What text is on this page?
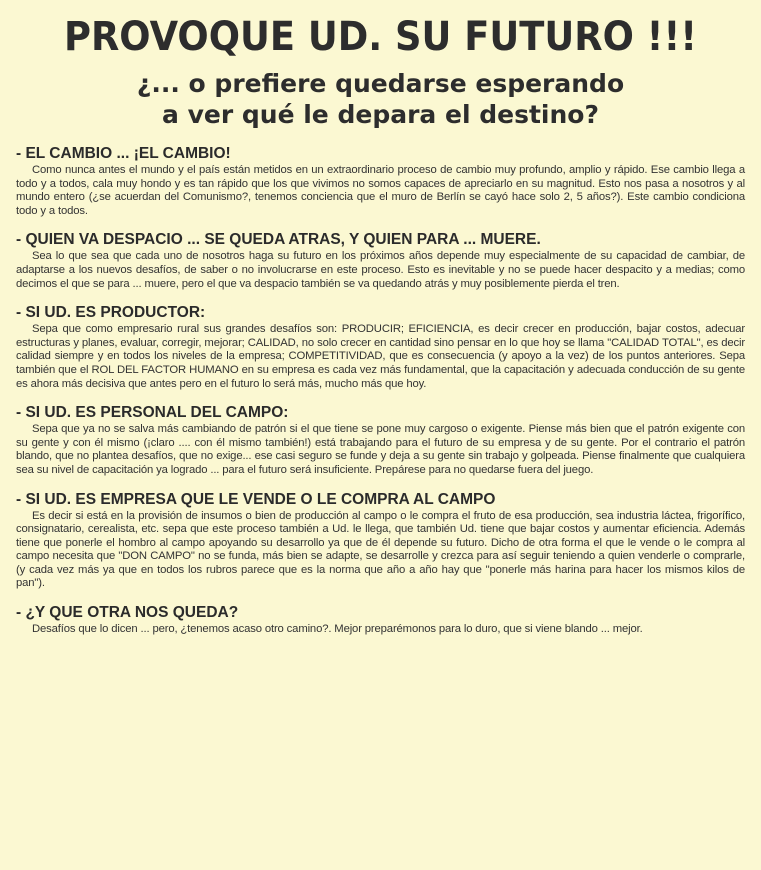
PROVOQUE UD. SU FUTURO !!!
¿... o prefiere quedarse esperando
a ver qué le depara el destino?
- EL CAMBIO ... ¡EL CAMBIO!

Como nunca antes el mundo y el país están metidos en un extraordinario proceso de cambio muy profundo, amplio y rápido. Ese cambio llega a todo y a todos, cala muy hondo y es tan rápido que los que vivimos no somos capaces de apreciarlo en su magnitud. Esto nos pasa a nosotros y al mundo entero (¿se acuerdan del Comunismo?, tenemos conciencia que el muro de Berlín se cayó hace solo 2, 5 años?). Este cambio condiciona todo y a todos.

- QUIEN VA DESPACIO ... SE QUEDA ATRAS, Y QUIEN PARA ... MUERE.

Sea lo que sea que cada uno de nosotros haga su futuro en los próximos años depende muy especialmente de su capacidad de cambiar, de adaptarse a los nuevos desafíos, de saber o no involucrarse en este proceso. Esto es inevitable y no se puede hacer despacito y a medias; como decimos el que se para ... muere, pero el que va despacio también se va quedando atrás y muy posiblemente pierda el tren.

- SI UD. ES PRODUCTOR:

Sepa que como empresario rural sus grandes desafíos son: PRODUCIR; EFICIENCIA, es decir crecer en producción, bajar costos, adecuar estructuras y planes, evaluar, corregir, mejorar; CALIDAD, no solo crecer en cantidad sino pensar en lo que hoy se llama "CALIDAD TOTAL", es decir calidad siempre y en todos los niveles de la empresa; COMPETITIVIDAD, que es consecuencia (y apoyo a la vez) de los puntos anteriores. Sepa también que el ROL DEL FACTOR HUMANO en su empresa es cada vez más fundamental, que la capacitación y adecuada conducción de su gente es ahora más decisiva que antes pero en el futuro lo será más, mucho más que hoy.

- SI UD. ES PERSONAL DEL CAMPO:

Sepa que ya no se salva más cambiando de patrón si el que tiene se pone muy cargoso o exigente. Piense más bien que el patrón exigente con su gente y con él mismo (¡claro .... con él mismo también!) está trabajando para el futuro de su empresa y de su gente. Por el contrario el patrón blando, que no plantea desafíos, que no exige... ese casi seguro se funde y deja a su gente sin trabajo y golpeada. Piense finalmente que cualquiera sea su nivel de capacitación ya logrado ... para el futuro será insuficiente. Prepárese para no quedarse fuera del juego.

- SI UD. ES EMPRESA QUE LE VENDE O LE COMPRA AL CAMPO

Es decir si está en la provisión de insumos o bien de producción al campo o le compra el fruto de esa producción, sea industria láctea, frigorífico, consignatario, cerealista, etc. sepa que este proceso también a Ud. le llega, que también Ud. tiene que bajar costos y aumentar eficiencia. Además tiene que ponerle el hombro al campo apoyando su desarrollo ya que de él depende su futuro. Dicho de otra forma el que le vende o le compra al campo necesita que "DON CAMPO" no se funda, más bien se adapte, se desarrolle y crezca para así seguir teniendo a quien venderle o comprarle, (y cada vez más ya que en todos los rubros parece que es la norma que año a año hay que "ponerle más harina para hacer los mismos kilos de pan").

- ¿Y QUE OTRA NOS QUEDA?

Desafíos que lo dicen ... pero, ¿tenemos acaso otro camino?. Mejor preparémonos para lo duro, que si viene blando ... mejor.
